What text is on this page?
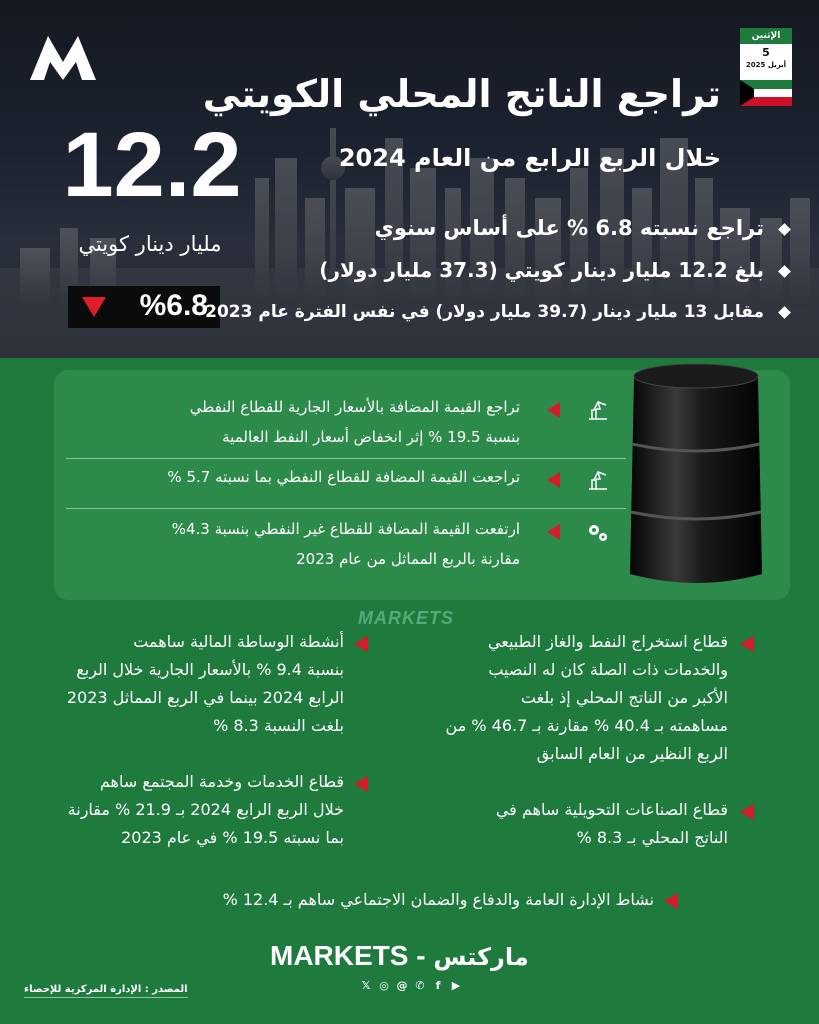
الإثنين
5
أبريل 2025
تراجع الناتج المحلي الكويتي
خلال الربع الرابع من العام 2024
12.2
مليار دينار كويتي
%6.8
تراجع نسبته 6.8 % على أساس سنوي
بلغ 12.2 مليار دينار كويتي (37.3 مليار دولار)
مقابل 13 مليار دينار (39.7 مليار دولار) في نفس الفترة عام 2023
تراجع القيمة المضافة بالأسعار الجارية للقطاع النفطي
بنسبة 19.5 % إثر انخفاض أسعار النفط العالمية
تراجعت القيمة المضافة للقطاع النفطي بما نسبته 5.7 %
ارتفعت القيمة المضافة للقطاع غير النفطي بنسبة 4.3%
مقارنة بالربع المماثل من عام 2023
MARKETS
قطاع استخراج النفط والغاز الطبيعي
والخدمات ذات الصلة كان له النصيب
الأكبر من الناتج المحلي إذ بلغت
مساهمته بـ 40.4 % مقارنة بـ 46.7 % من
الربع النظير من العام السابق
قطاع الصناعات التحويلية ساهم في
الناتج المحلي بـ 8.3 %
أنشطة الوساطة المالية ساهمت
بنسبة 9.4 % بالأسعار الجارية خلال الربع
الرابع 2024 بينما في الربع المماثل 2023
بلغت النسبة 8.3 %
قطاع الخدمات وخدمة المجتمع ساهم
خلال الربع الرابع 2024 بـ 21.9 % مقارنة
بما نسبته 19.5 % في عام 2023
نشاط الإدارة العامة والدفاع والضمان الاجتماعي ساهم بـ 12.4 %
MARKETS - ماركتس
𝕏 ◎ @ ✆ f	▶
المصدر : الإدارة المركزية للإحصاء
